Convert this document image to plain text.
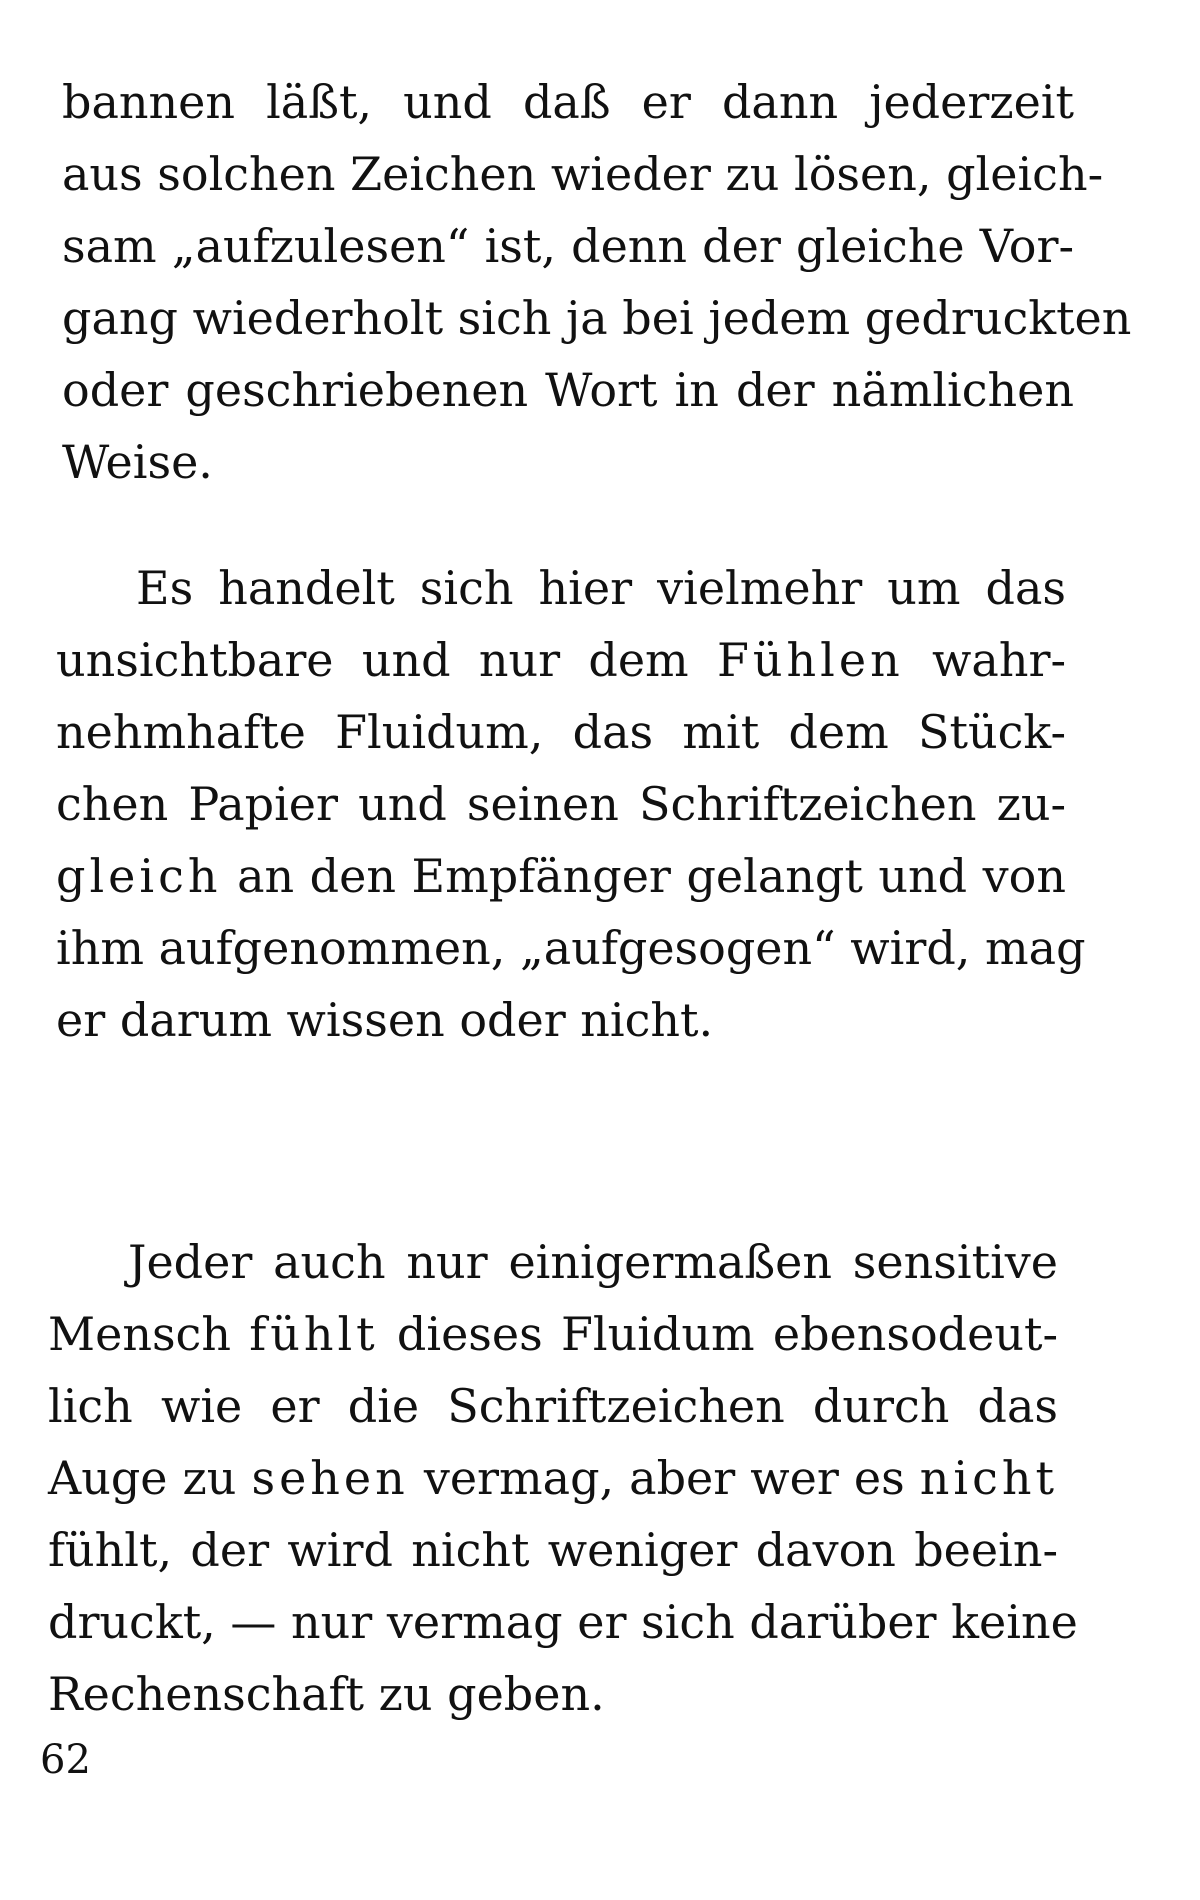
bannen läßt, und daß er dann jederzeit
aus solchen Zeichen wieder zu lösen, gleich-
sam „aufzulesen“ ist, denn der gleiche Vor-
gang wiederholt sich ja bei jedem gedruckten
oder geschriebenen Wort in der nämlichen
Weise.

Es handelt sich hier vielmehr um das
unsichtbare und nur dem Fühlen wahr-
nehmhafte Fluidum, das mit dem Stück-
chen Papier und seinen Schriftzeichen zu-
gleich an den Empfänger gelangt und von
ihm aufgenommen, „aufgesogen“ wird, mag
er darum wissen oder nicht.

Jeder auch nur einigermaßen sensitive
Mensch fühlt dieses Fluidum ebensodeut-
lich wie er die Schriftzeichen durch das
Auge zu sehen vermag, aber wer es nicht
fühlt, der wird nicht weniger davon beein-
druckt, — nur vermag er sich darüber keine
Rechenschaft zu geben.

62
